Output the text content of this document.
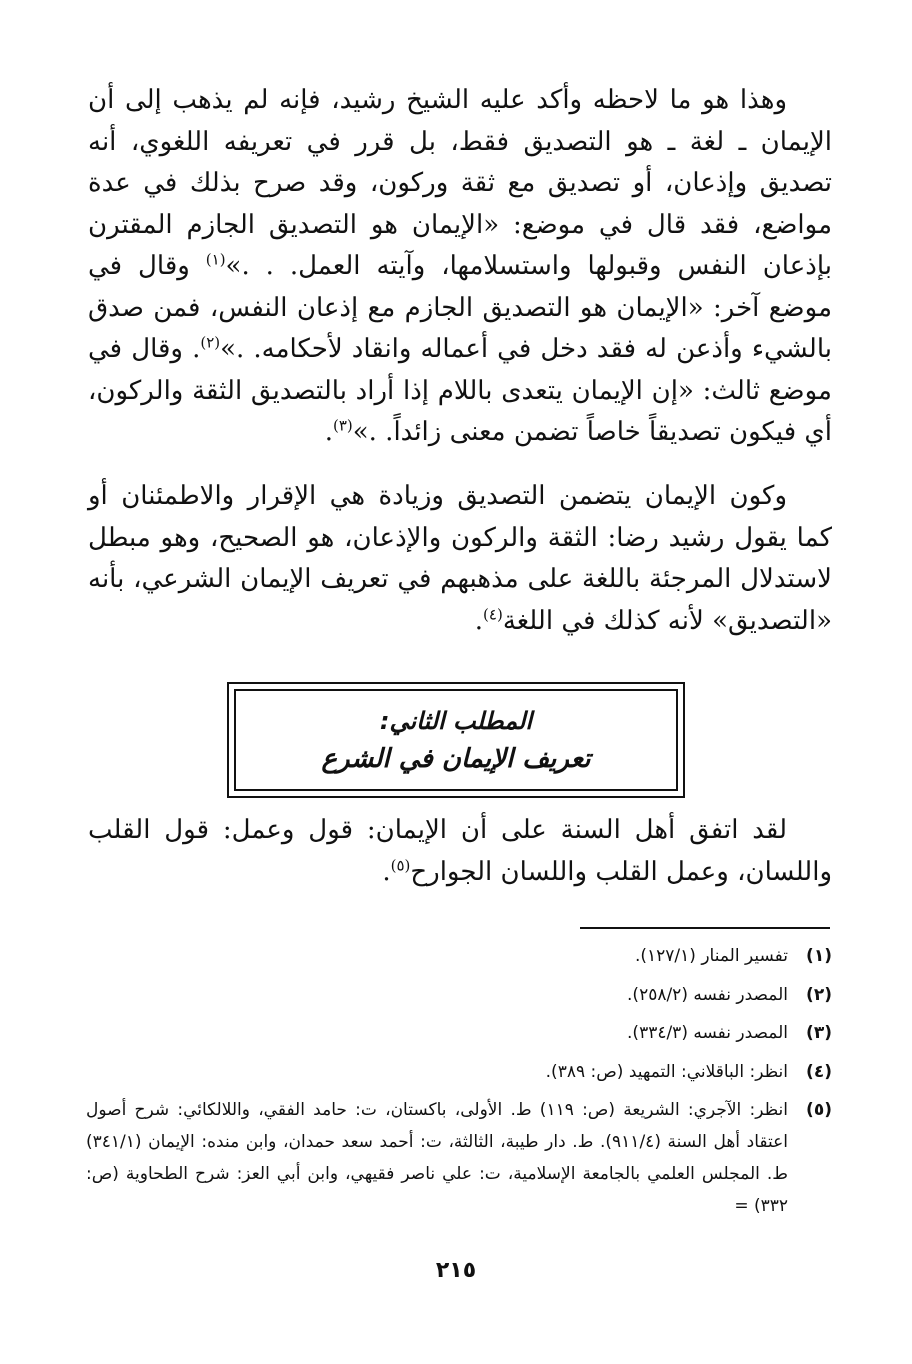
وهذا هو ما لاحظه وأكد عليه الشيخ رشيد، فإنه لم يذهب إلى أن الإيمان ـ لغة ـ هو التصديق فقط، بل قرر في تعريفه اللغوي، أنه تصديق وإذعان، أو تصديق مع ثقة وركون، وقد صرح بذلك في عدة مواضع، فقد قال في موضع: «الإيمان هو التصديق الجازم المقترن بإذعان النفس وقبولها واستسلامها، وآيته العمل. . .»$^{(١)}$ وقال في موضع آخر: «الإيمان هو التصديق الجازم مع إذعان النفس، فمن صدق بالشيء وأذعن له فقد دخل في أعماله وانقاد لأحكامه. .»$^{(٢)}$. وقال في موضع ثالث: «إن الإيمان يتعدى باللام إذا أراد بالتصديق الثقة والركون، أي فيكون تصديقاً خاصاً تضمن معنى زائداً. .»$^{(٣)}$.

وكون الإيمان يتضمن التصديق وزيادة هي الإقرار والاطمئنان أو كما يقول رشيد رضا: الثقة والركون والإذعان، هو الصحيح، وهو مبطل لاستدلال المرجئة باللغة على مذهبهم في تعريف الإيمان الشرعي، بأنه «التصديق» لأنه كذلك في اللغة$^{(٤)}$.

المطلب الثاني:
تعريف الإيمان في الشرع

لقد اتفق أهل السنة على أن الإيمان: قول وعمل: قول القلب واللسان، وعمل القلب واللسان الجوارح$^{(٥)}$.

(١)
تفسير المنار (١٢٧/١).
(٢)
المصدر نفسه (٢٥٨/٢).
(٣)
المصدر نفسه (٣٣٤/٣).
(٤)
انظر: الباقلاني: التمهيد (ص: ٣٨٩).
(٥)
انظر: الآجري: الشريعة (ص: ١١٩) ط. الأولى، باكستان، ت: حامد الفقي، واللالكائي: شرح أصول اعتقاد أهل السنة (٩١١/٤). ط. دار طيبة، الثالثة، ت: أحمد سعد حمدان، وابن منده: الإيمان (٣٤١/١) ط. المجلس العلمي بالجامعة الإسلامية، ت: علي ناصر فقيهي، وابن أبي العز: شرح الطحاوية (ص: ٣٣٢) =
٢١٥
